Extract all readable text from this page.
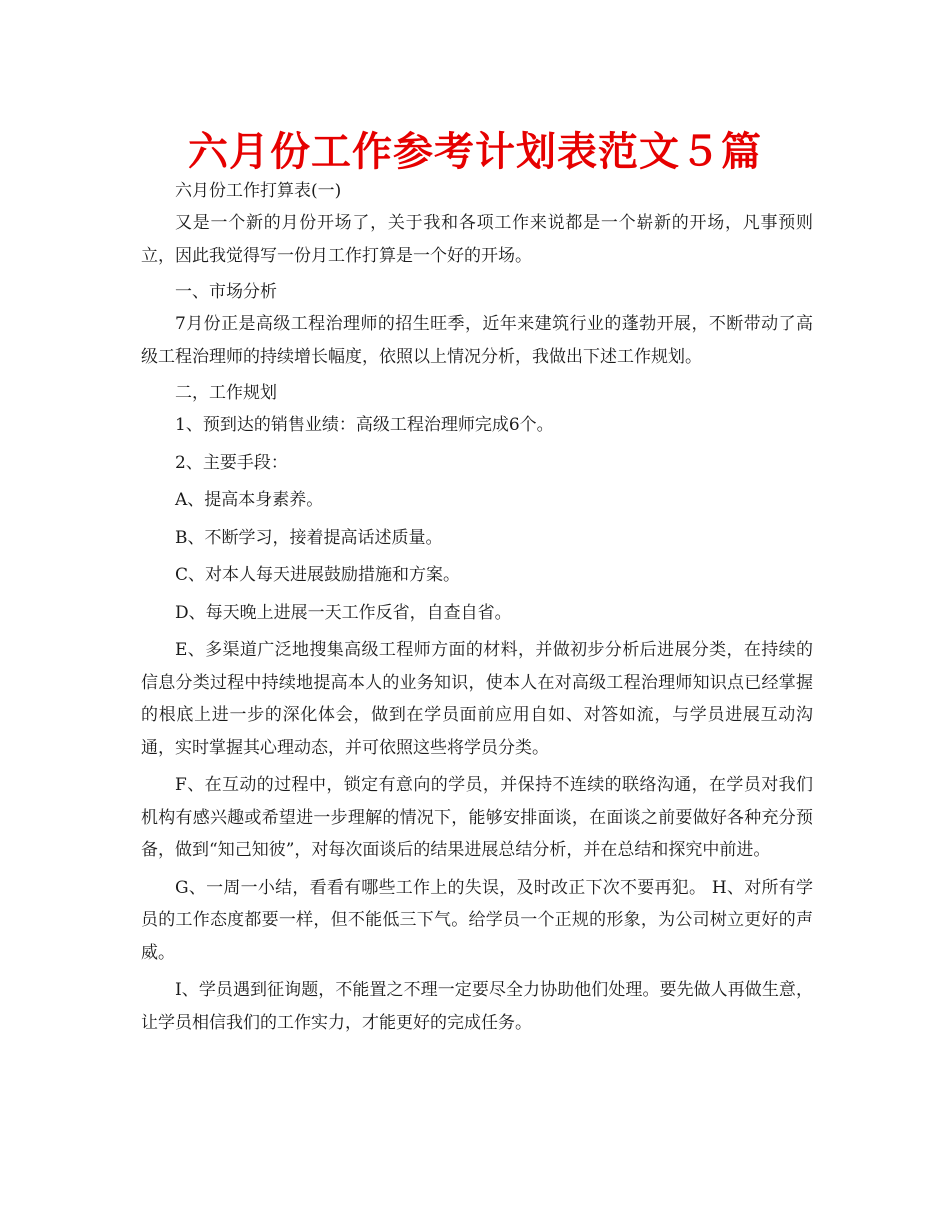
六月份工作参考计划表范文５篇

六月份工作打算表(一)

又是一个新的月份开场了，关于我和各项工作来说都是一个崭新的开场，凡事预则立，因此我觉得写一份月工作打算是一个好的开场。

一、市场分析

7月份正是高级工程治理师的招生旺季，近年来建筑行业的蓬勃开展，不断带动了高级工程治理师的持续增长幅度，依照以上情况分析，我做出下述工作规划。

二，工作规划

1、预到达的销售业绩：高级工程治理师完成6个。

2、主要手段：

A、提高本身素养。

B、不断学习，接着提高话述质量。

C、对本人每天进展鼓励措施和方案。

D、每天晚上进展一天工作反省，自查自省。

E、多渠道广泛地搜集高级工程师方面的材料，并做初步分析后进展分类，在持续的信息分类过程中持续地提高本人的业务知识，使本人在对高级工程治理师知识点已经掌握的根底上进一步的深化体会，做到在学员面前应用自如、对答如流，与学员进展互动沟通，实时掌握其心理动态，并可依照这些将学员分类。

F、在互动的过程中，锁定有意向的学员，并保持不连续的联络沟通，在学员对我们机构有感兴趣或希望进一步理解的情况下，能够安排面谈，在面谈之前要做好各种充分预备，做到“知己知彼”，对每次面谈后的结果进展总结分析，并在总结和探究中前进。

G、一周一小结，看看有哪些工作上的失误，及时改正下次不要再犯。 H、对所有学员的工作态度都要一样，但不能低三下气。给学员一个正规的形象，为公司树立更好的声威。

I、学员遇到征询题，不能置之不理一定要尽全力协助他们处理。要先做人再做生意，让学员相信我们的工作实力，才能更好的完成任务。
